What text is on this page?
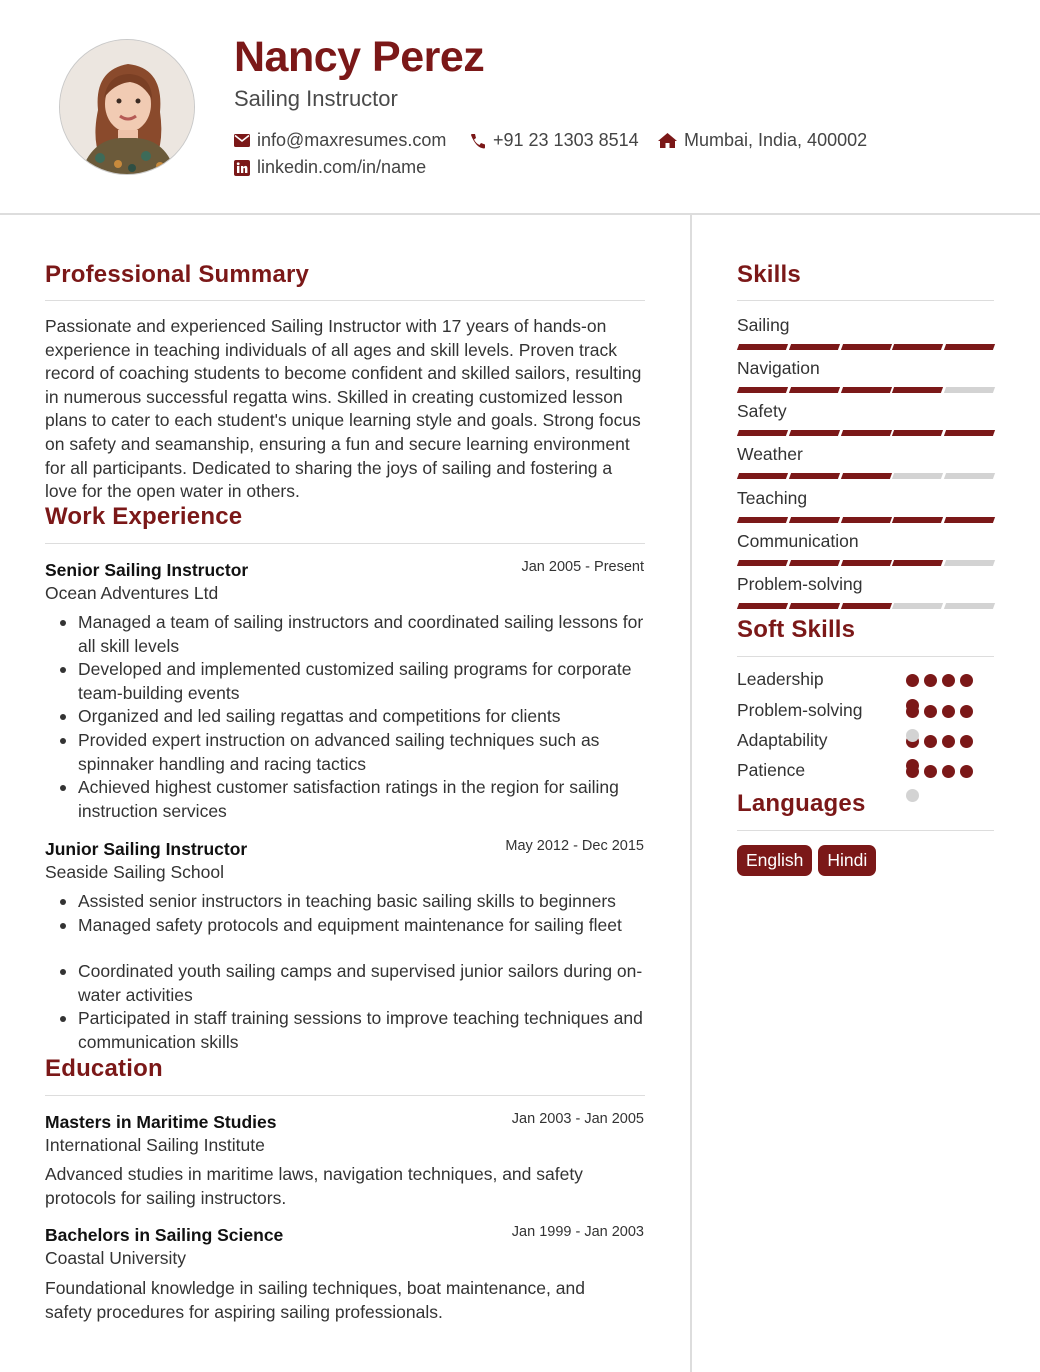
Nancy Perez
Sailing Instructor
info@maxresumes.com	+91 23 1303 8514	Mumbai, India, 400002
linkedin.com/in/name
Professional Summary
Passionate and experienced Sailing Instructor with 17 years of hands-on experience in teaching individuals of all ages and skill levels. Proven track record of coaching students to become confident and skilled sailors, resulting in numerous successful regatta wins. Skilled in creating customized lesson plans to cater to each student's unique learning style and goals. Strong focus on safety and seamanship, ensuring a fun and secure learning environment for all participants. Dedicated to sharing the joys of sailing and fostering a love for the open water in others.
Work Experience
Senior Sailing Instructor	Jan 2005 - Present
Ocean Adventures Ltd
Managed a team of sailing instructors and coordinated sailing lessons for all skill levels
Developed and implemented customized sailing programs for corporate team-building events
Organized and led sailing regattas and competitions for clients
Provided expert instruction on advanced sailing techniques such as spinnaker handling and racing tactics
Achieved highest customer satisfaction ratings in the region for sailing instruction services
Junior Sailing Instructor	May 2012 - Dec 2015
Seaside Sailing School
Assisted senior instructors in teaching basic sailing skills to beginners
Managed safety protocols and equipment maintenance for sailing fleet
Coordinated youth sailing camps and supervised junior sailors during on-water activities
Participated in staff training sessions to improve teaching techniques and communication skills
Education
Masters in Maritime Studies	Jan 2003 - Jan 2005
International Sailing Institute
Advanced studies in maritime laws, navigation techniques, and safety protocols for sailing instructors.
Bachelors in Sailing Science	Jan 1999 - Jan 2003
Coastal University
Foundational knowledge in sailing techniques, boat maintenance, and safety procedures for aspiring sailing professionals.
Skills
Sailing
Navigation
Safety
Weather
Teaching
Communication
Problem-solving
Soft Skills
Leadership
Problem-solving
Adaptability
Patience
Languages
English	Hindi
